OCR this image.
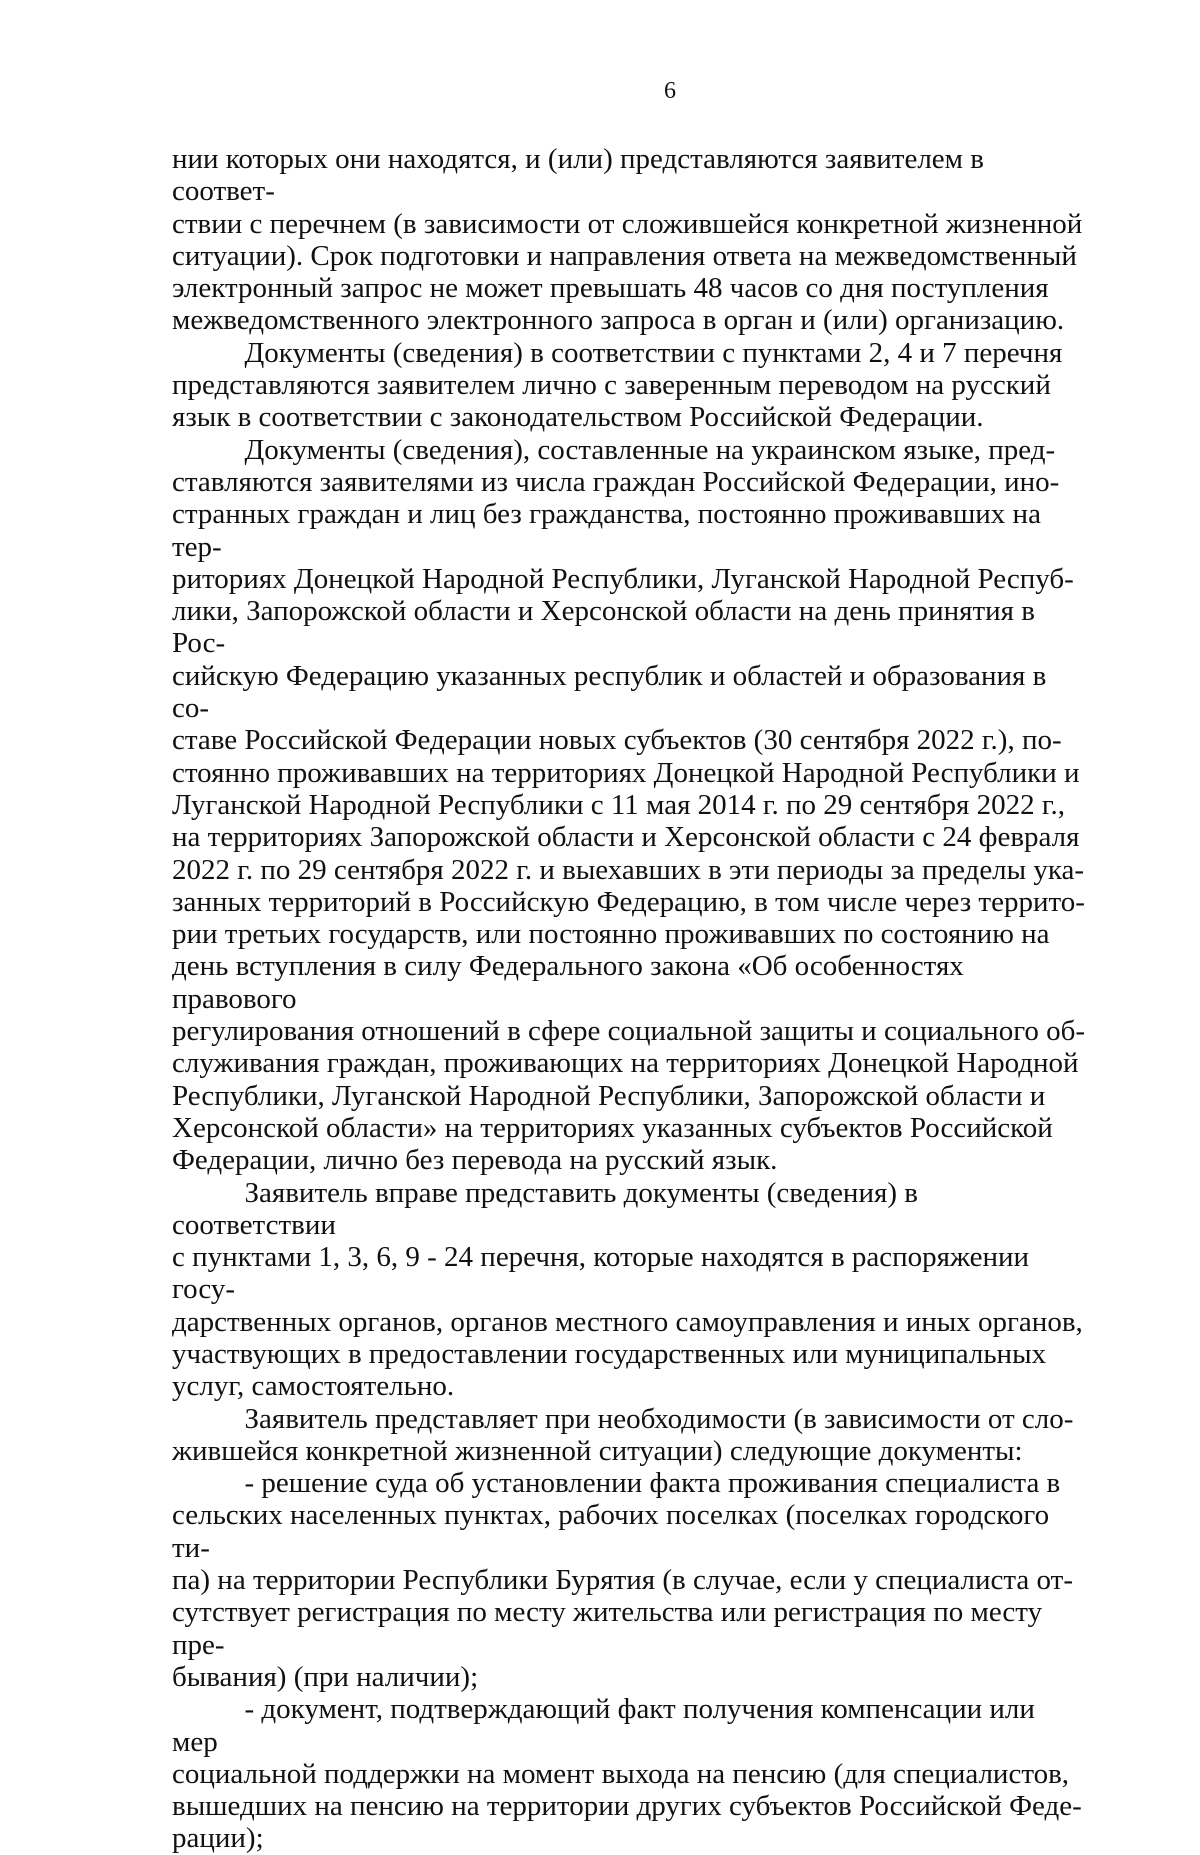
6

нии которых они находятся, и (или) представляются заявителем в соответ-
ствии с перечнем (в зависимости от сложившейся конкретной жизненной
ситуации). Срок подготовки и направления ответа на межведомственный
электронный запрос не может превышать 48 часов со дня поступления
межведомственного электронного запроса в орган и (или) организацию.

Документы (сведения) в соответствии с пунктами 2, 4 и 7 перечня
представляются заявителем лично с заверенным переводом на русский
язык в соответствии с законодательством Российской Федерации.

Документы (сведения), составленные на украинском языке, пред-
ставляются заявителями из числа граждан Российской Федерации, ино-
странных граждан и лиц без гражданства, постоянно проживавших на тер-
риториях Донецкой Народной Республики, Луганской Народной Респуб-
лики, Запорожской области и Херсонской области на день принятия в Рос-
сийскую Федерацию указанных республик и областей и образования в со-
ставе Российской Федерации новых субъектов (30 сентября 2022 г.), по-
стоянно проживавших на территориях Донецкой Народной Республики и
Луганской Народной Республики с 11 мая 2014 г. по 29 сентября 2022 г.,
на территориях Запорожской области и Херсонской области с 24 февраля
2022 г. по 29 сентября 2022 г. и выехавших в эти периоды за пределы ука-
занных территорий в Российскую Федерацию, в том числе через террито-
рии третьих государств, или постоянно проживавших по состоянию на
день вступления в силу Федерального закона «Об особенностях правового
регулирования отношений в сфере социальной защиты и социального об-
служивания граждан, проживающих на территориях Донецкой Народной
Республики, Луганской Народной Республики, Запорожской области и
Херсонской области» на территориях указанных субъектов Российской
Федерации, лично без перевода на русский язык.

Заявитель вправе представить документы (сведения) в соответствии
с пунктами 1, 3, 6, 9 - 24 перечня, которые находятся в распоряжении госу-
дарственных органов, органов местного самоуправления и иных органов,
участвующих в предоставлении государственных или муниципальных
услуг, самостоятельно.

Заявитель представляет при необходимости (в зависимости от сло-
жившейся конкретной жизненной ситуации) следующие документы:

- решение суда об установлении факта проживания специалиста в
сельских населенных пунктах, рабочих поселках (поселках городского ти-
па) на территории Республики Бурятия (в случае, если у специалиста от-
сутствует регистрация по месту жительства или регистрация по месту пре-
бывания) (при наличии);

- документ, подтверждающий факт получения компенсации или мер
социальной поддержки на момент выхода на пенсию (для специалистов,
вышедших на пенсию на территории других субъектов Российской Феде-
рации);
